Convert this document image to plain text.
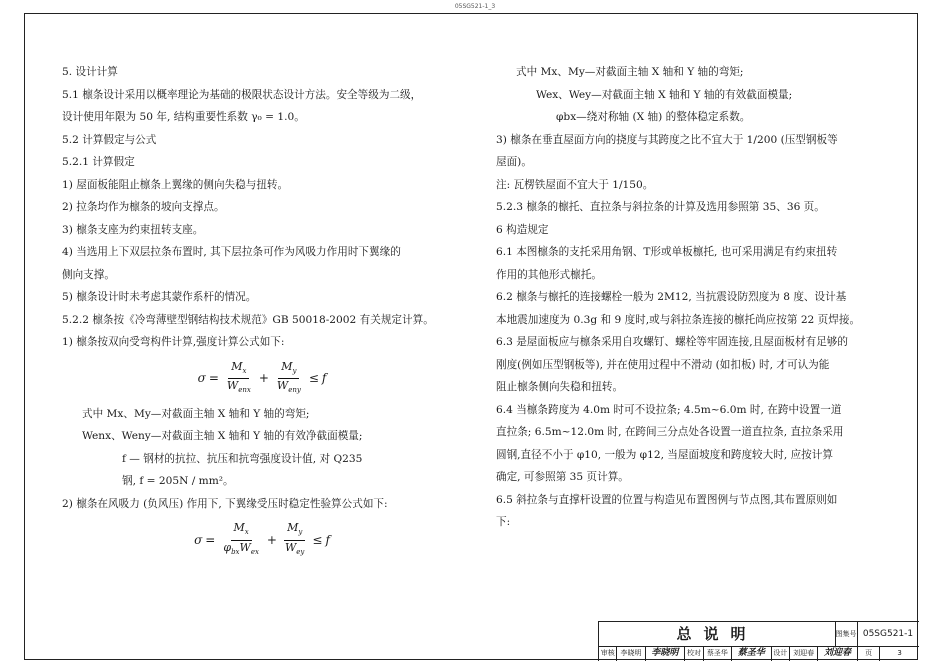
05SG521-1_3

5. 设计计算

5.1 檩条设计采用以概率理论为基础的极限状态设计方法。安全等级为二级，

设计使用年限为 50 年, 结构重要性系数 γ₀ = 1.0。

5.2 计算假定与公式

5.2.1 计算假定

1) 屋面板能阻止檩条上翼缘的侧向失稳与扭转。

2) 拉条均作为檩条的坡向支撑点。

3) 檩条支座为约束扭转支座。

4) 当选用上下双层拉条布置时, 其下层拉条可作为风吸力作用时下翼缘的

侧向支撑。

5) 檩条设计时未考虑其蒙作系杆的情况。

5.2.2 檩条按《冷弯薄壁型钢结构技术规范》GB 50018-2002 有关规定计算。

1) 檩条按双向受弯构件计算,强度计算公式如下:

$\sigma = \frac{M_x}{W_{enx}} + \frac{M_y}{W_{eny}} \le f$

式中 Mx、My—对截面主轴 X 轴和 Y 轴的弯矩;

Wenx、Weny—对截面主轴 X 轴和 Y 轴的有效净截面模量;

f — 钢材的抗拉、抗压和抗弯强度设计值, 对 Q235

钢, f = 205N / mm²。

2) 檩条在风吸力 (负风压) 作用下, 下翼缘受压时稳定性验算公式如下:

$\sigma = \frac{M_x}{\varphi_{bx}W_{ex}} + \frac{M_y}{W_{ey}} \le f$

式中 Mx、My—对截面主轴 X 轴和 Y 轴的弯矩;

Wex、Wey—对截面主轴 X 轴和 Y 轴的有效截面模量;

φbx—绕对称轴 (X 轴) 的整体稳定系数。

3) 檩条在垂直屋面方向的挠度与其跨度之比不宜大于 1/200 (压型钢板等

屋面)。

注: 瓦楞铁屋面不宜大于 1/150。

5.2.3 檩条的檩托、直拉条与斜拉条的计算及选用参照第 35、36 页。

6 构造规定

6.1 本图檩条的支托采用角钢、T形或单板檩托, 也可采用满足有约束扭转

作用的其他形式檩托。

6.2 檩条与檩托的连接螺栓一般为 2M12, 当抗震设防烈度为 8 度、设计基

本地震加速度为 0.3g 和 9 度时,或与斜拉条连接的檩托尚应按第 22 页焊接。

6.3 是屋面板应与檩条采用自攻螺钉、螺栓等牢固连接,且屋面板材有足够的

刚度(例如压型钢板等), 并在使用过程中不滑动 (如扣板) 时, 才可认为能

阻止檩条侧向失稳和扭转。

6.4 当檩条跨度为 4.0m 时可不设拉条; 4.5m~6.0m 时, 在跨中设置一道

直拉条; 6.5m~12.0m 时, 在跨间三分点处各设置一道直拉条, 直拉条采用

圆钢,直径不小于 φ10, 一般为 φ12, 当屋面坡度和跨度较大时, 应按计算

确定, 可参照第 35 页计算。

6.5 斜拉条与直撑杆设置的位置与构造见布置图例与节点图,其布置原则如

下:

总说明	图集号 05SG521-1
审核 李晓明	李晓明	校对 蔡圣华	蔡圣华	设计 刘迎春	刘迎春	页	3
